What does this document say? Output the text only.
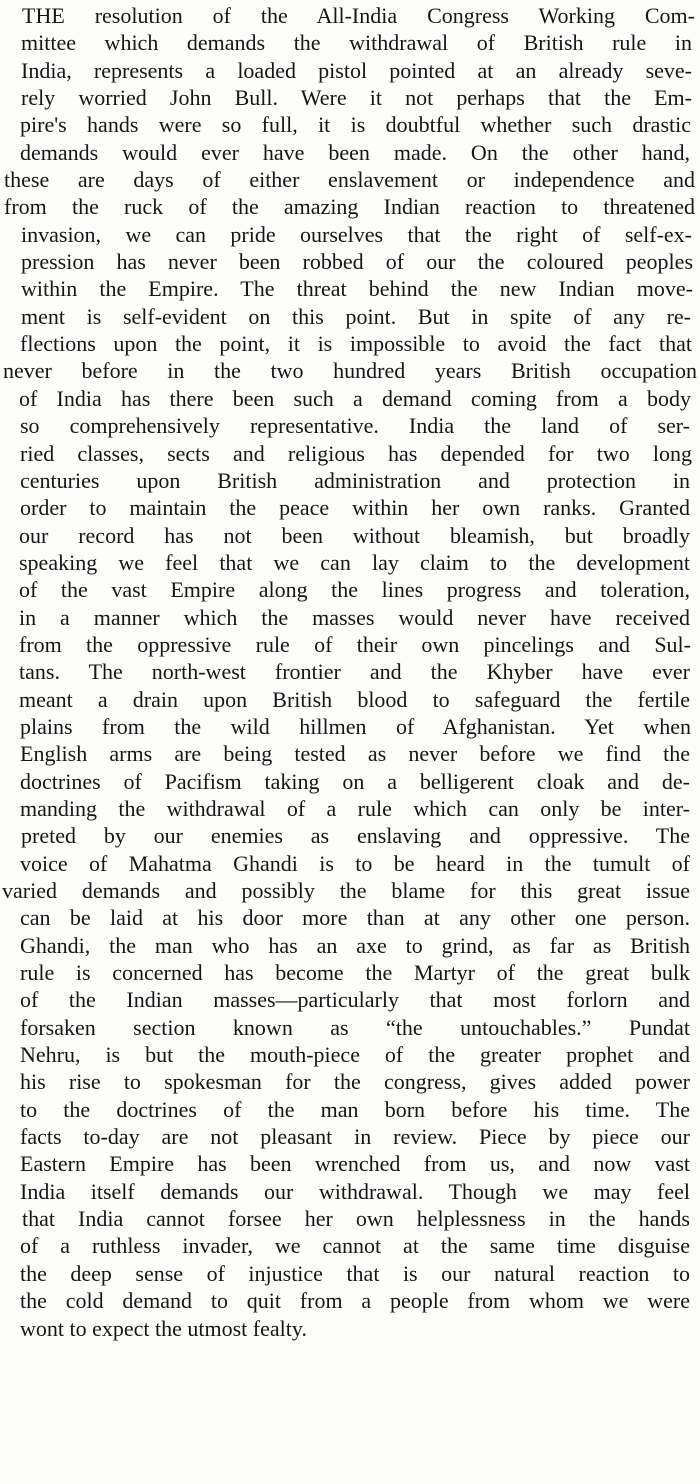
THE resolution of the All-India Congress Working Com-
mittee which demands the withdrawal of British rule in
India, represents a loaded pistol pointed at an already seve-
rely worried John Bull. Were it not perhaps that the Em-
pire's hands were so full, it is doubtful whether such drastic
demands would ever have been made. On the other hand,
these are days of either enslavement or independence and
from the ruck of the amazing Indian reaction to threatened
invasion, we can pride ourselves that the right of self-ex-
pression has never been robbed of our the coloured peoples
within the Empire. The threat behind the new Indian move-
ment is self-evident on this point. But in spite of any re-
flections upon the point, it is impossible to avoid the fact that
never before in the two hundred years British occupation
of India has there been such a demand coming from a body
so comprehensively representative. India the land of ser-
ried classes, sects and religious has depended for two long
centuries upon British administration and protection in
order to maintain the peace within her own ranks. Granted
our record has not been without bleamish, but broadly
speaking we feel that we can lay claim to the development
of the vast Empire along the lines progress and toleration,
in a manner which the masses would never have received
from the oppressive rule of their own pincelings and Sul-
tans. The north-west frontier and the Khyber have ever
meant a drain upon British blood to safeguard the fertile
plains from the wild hillmen of Afghanistan. Yet when
English arms are being tested as never before we find the
doctrines of Pacifism taking on a belligerent cloak and de-
manding the withdrawal of a rule which can only be inter-
preted by our enemies as enslaving and oppressive. The
voice of Mahatma Ghandi is to be heard in the tumult of
varied demands and possibly the blame for this great issue
can be laid at his door more than at any other one person.
Ghandi, the man who has an axe to grind, as far as British
rule is concerned has become the Martyr of the great bulk
of the Indian masses—particularly that most forlorn and
forsaken section known as “the untouchables.” Pundat
Nehru, is but the mouth-piece of the greater prophet and
his rise to spokesman for the congress, gives added power
to the doctrines of the man born before his time. The
facts to-day are not pleasant in review. Piece by piece our
Eastern Empire has been wrenched from us, and now vast
India itself demands our withdrawal. Though we may feel
that India cannot forsee her own helplessness in the hands
of a ruthless invader, we cannot at the same time disguise
the deep sense of injustice that is our natural reaction to
the cold demand to quit from a people from whom we were
wont to expect the utmost fealty.
